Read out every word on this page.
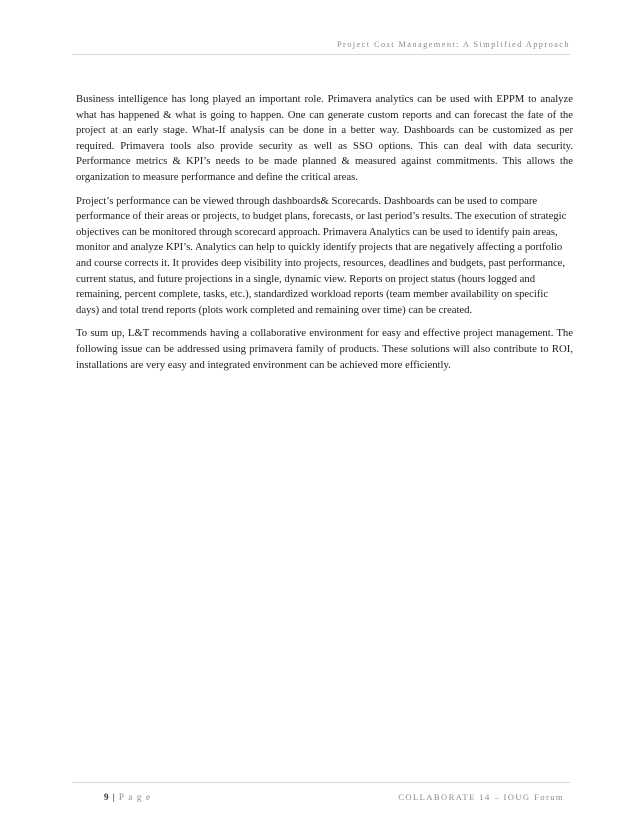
Project Cost Management: A Simplified Approach

Business intelligence has long played an important role. Primavera analytics can be used with EPPM to analyze what has happened & what is going to happen. One can generate custom reports and can forecast the fate of the project at an early stage. What-If analysis can be done in a better way. Dashboards can be customized as per required. Primavera tools also provide security as well as SSO options. This can deal with data security. Performance metrics & KPI’s needs to be made planned & measured against commitments. This allows the organization to measure performance and define the critical areas.

Project’s performance can be viewed through dashboards& Scorecards. Dashboards can be used to compare performance of their areas or projects, to budget plans, forecasts, or last period’s results. The execution of strategic objectives can be monitored through scorecard approach. Primavera Analytics can be used to identify pain areas, monitor and analyze KPI’s. Analytics can help to quickly identify projects that are negatively affecting a portfolio and course corrects it. It provides deep visibility into projects, resources, deadlines and budgets, past performance, current status, and future projections in a single, dynamic view. Reports on project status (hours logged and remaining, percent complete, tasks, etc.), standardized workload reports (team member availability on specific days) and total trend reports (plots work completed and remaining over time) can be created.

To sum up, L&T recommends having a collaborative environment for easy and effective project management. The following issue can be addressed using primavera family of products. These solutions will also contribute to ROI, installations are very easy and integrated environment can be achieved more efficiently.

9 | P a g e	COLLABORATE 14 – IOUG Forum
